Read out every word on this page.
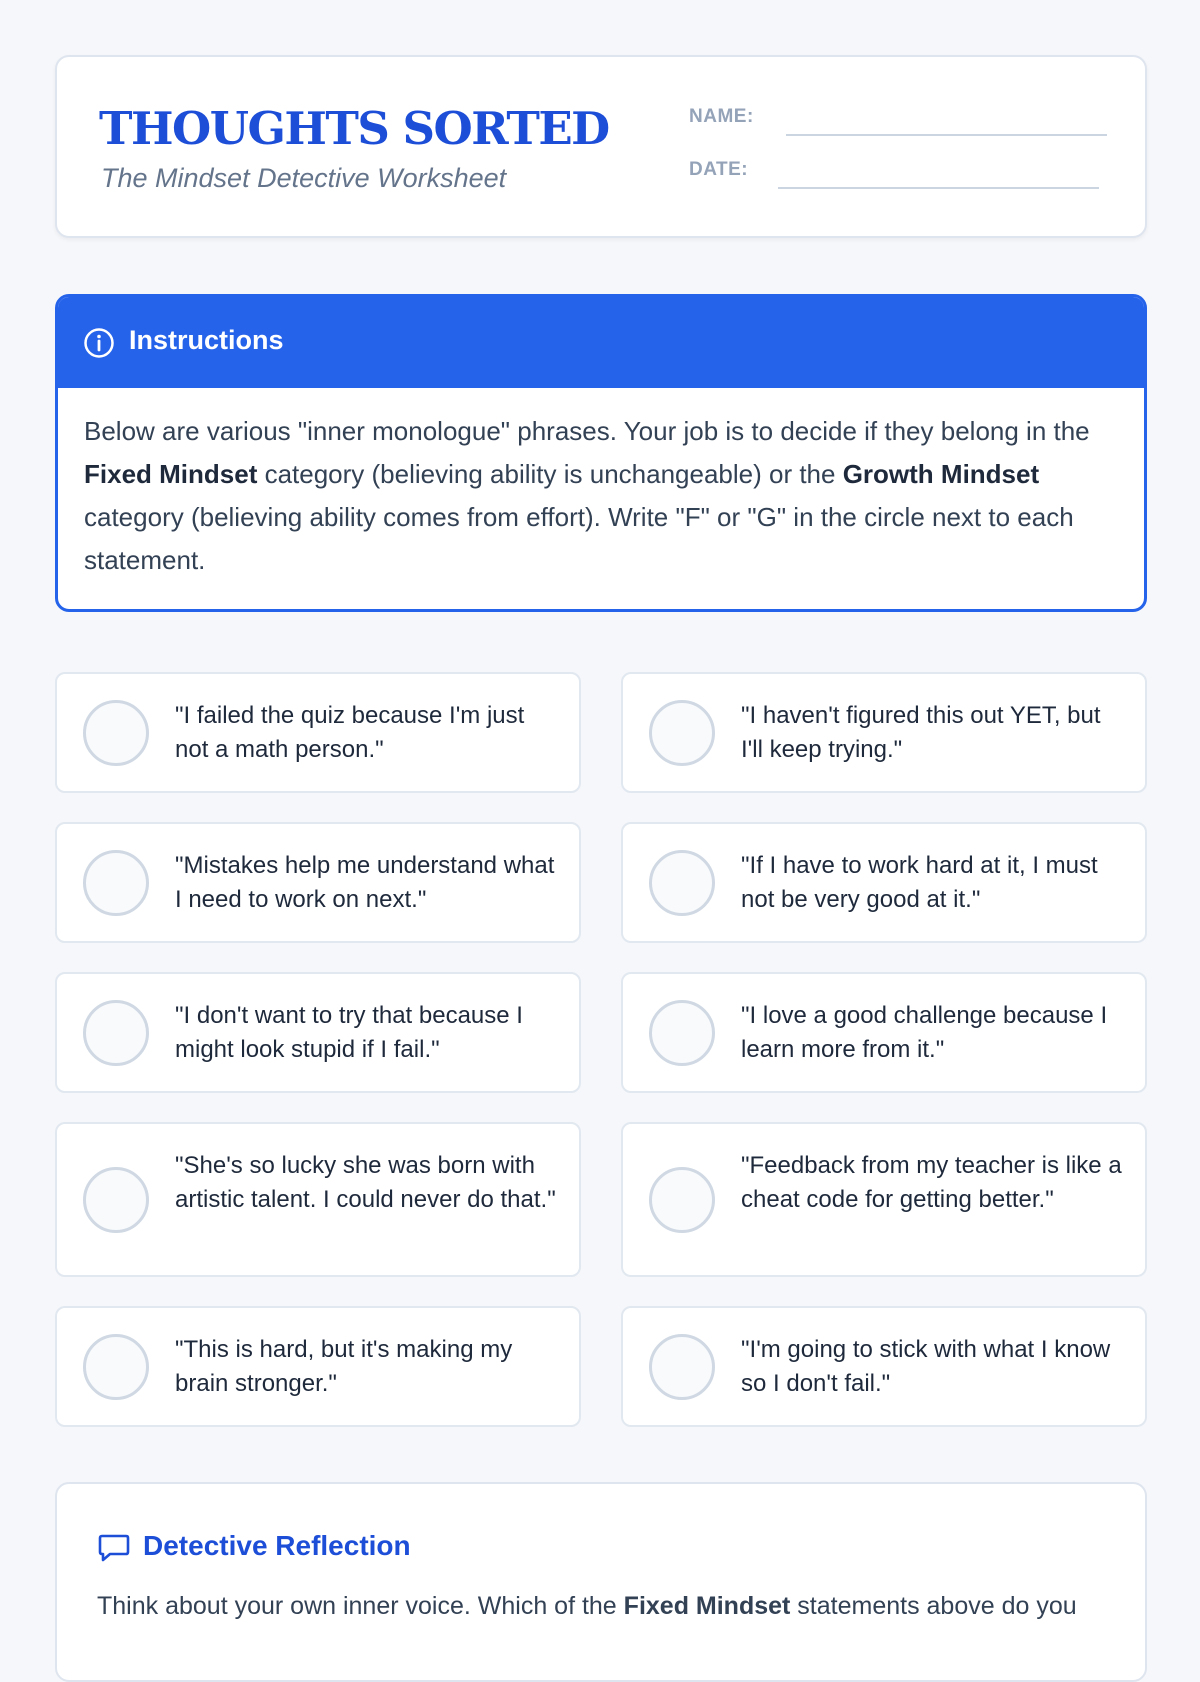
THOUGHTS SORTED
The Mindset Detective Worksheet
NAME:
DATE:
Instructions

Below are various "inner monologue" phrases. Your job is to decide if they belong in the Fixed Mindset category (believing ability is unchangeable) or the Growth Mindset category (believing ability comes from effort). Write "F" or "G" in the circle next to each statement.

"I failed the quiz because I'm just not a math person."
"I haven't figured this out YET, but I'll keep trying."
"Mistakes help me understand what I need to work on next."
"If I have to work hard at it, I must not be very good at it."
"I don't want to try that because I might look stupid if I fail."
"I love a good challenge because I learn more from it."
"She's so lucky she was born with artistic talent. I could never do that."
"Feedback from my teacher is like a cheat code for getting better."
"This is hard, but it's making my brain stronger."
"I'm going to stick with what I know so I don't fail."
Detective Reflection
Think about your own inner voice. Which of the Fixed Mindset statements above do you
